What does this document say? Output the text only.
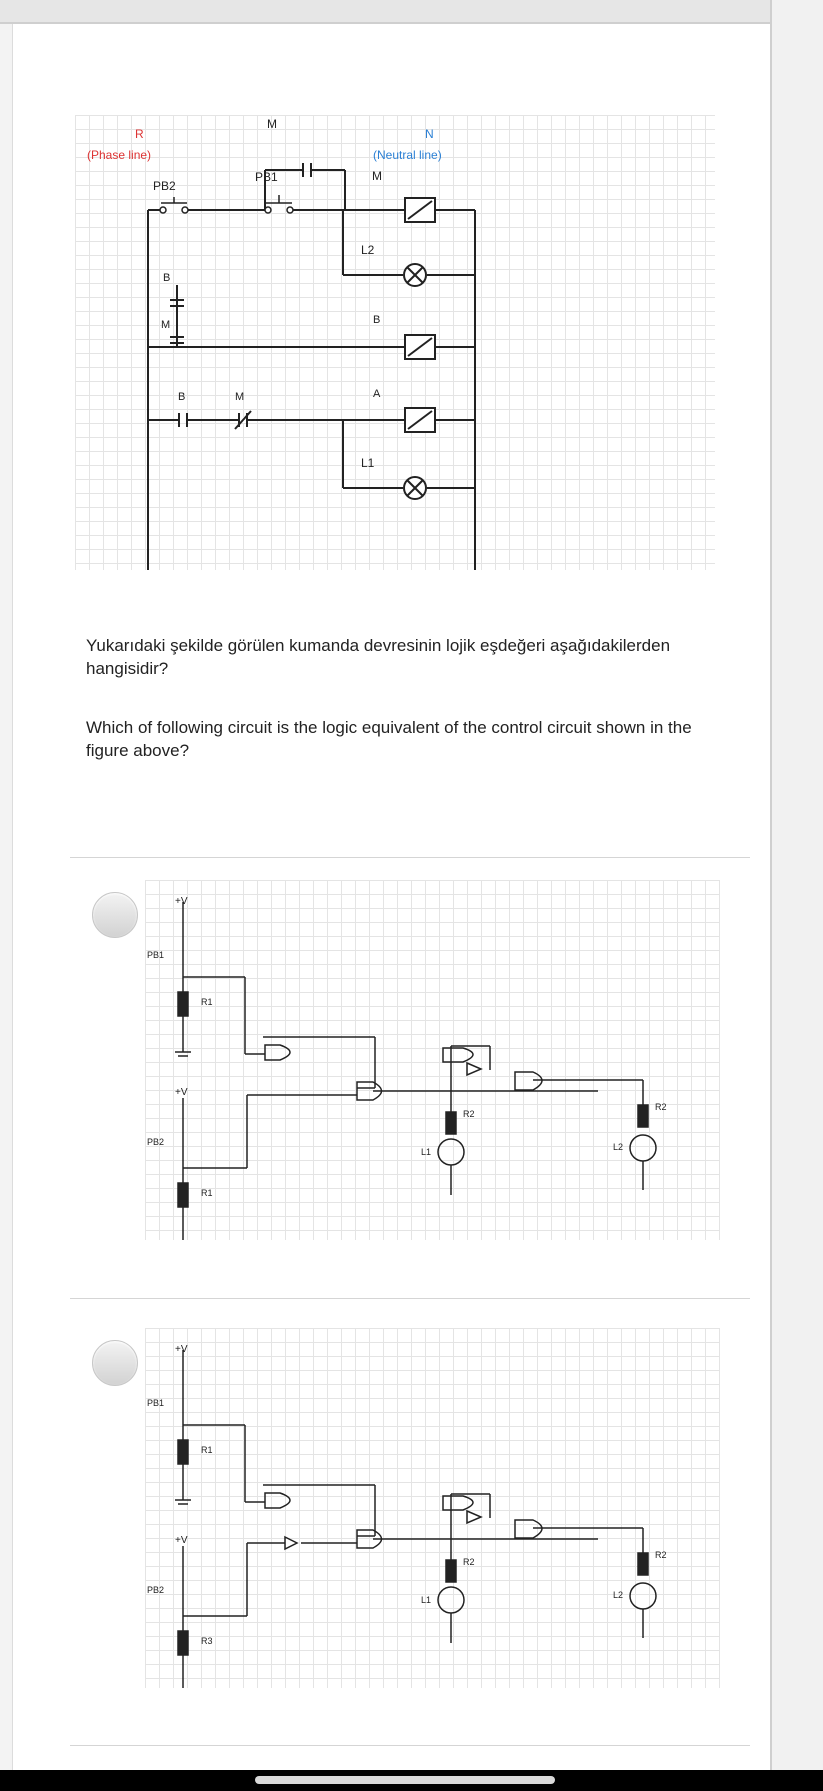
R
(Phase line)
N
(Neutral line)
M
PB1
PB2
M
L2
B
M	B
B	M	A
L1
Yukarıdaki şekilde görülen kumanda devresinin lojik eşdeğeri aşağıdakilerden hangisidir?
Which of following circuit is the logic equivalent of the control circuit shown in the figure above?
+V
PB1
R1
+V
PB2
R1
R2
L1	L2
R2
+V
PB1
R1
+V
PB2
R3
R2
L1	L2
R2
